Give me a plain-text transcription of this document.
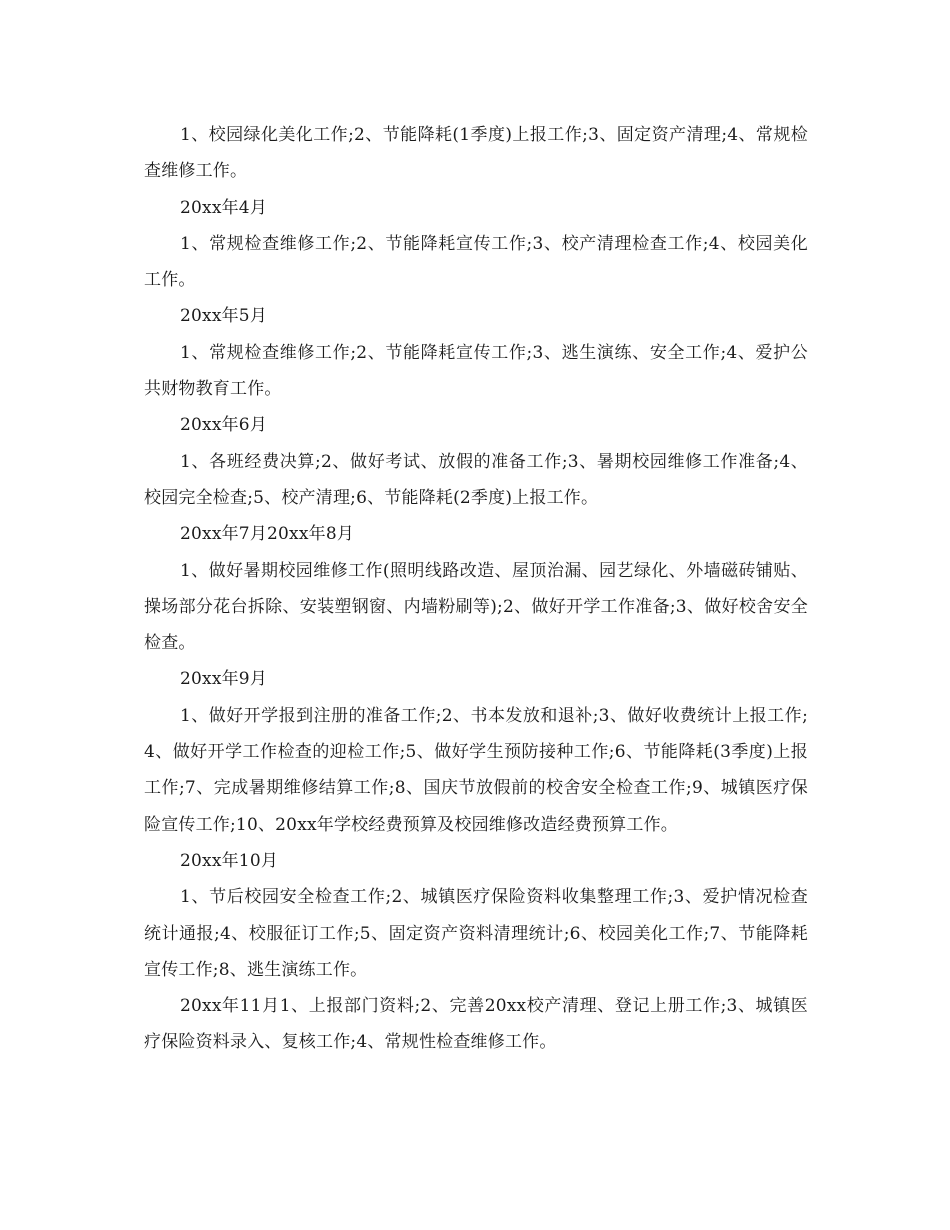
1、校园绿化美化工作;2、节能降耗(1季度)上报工作;3、固定资产清理;4、常规检查维修工作。

20xx年4月

1、常规检查维修工作;2、节能降耗宣传工作;3、校产清理检查工作;4、校园美化工作。

20xx年5月

1、常规检查维修工作;2、节能降耗宣传工作;3、逃生演练、安全工作;4、爱护公共财物教育工作。

20xx年6月

1、各班经费决算;2、做好考试、放假的准备工作;3、暑期校园维修工作准备;4、校园完全检查;5、校产清理;6、节能降耗(2季度)上报工作。

20xx年7月20xx年8月

1、做好暑期校园维修工作(照明线路改造、屋顶治漏、园艺绿化、外墙磁砖铺贴、操场部分花台拆除、安装塑钢窗、内墙粉刷等);2、做好开学工作准备;3、做好校舍安全检查。

20xx年9月

1、做好开学报到注册的准备工作;2、书本发放和退补;3、做好收费统计上报工作;4、做好开学工作检查的迎检工作;5、做好学生预防接种工作;6、节能降耗(3季度)上报工作;7、完成暑期维修结算工作;8、国庆节放假前的校舍安全检查工作;9、城镇医疗保险宣传工作;10、20xx年学校经费预算及校园维修改造经费预算工作。

20xx年10月

1、节后校园安全检查工作;2、城镇医疗保险资料收集整理工作;3、爱护情况检查统计通报;4、校服征订工作;5、固定资产资料清理统计;6、校园美化工作;7、节能降耗宣传工作;8、逃生演练工作。

20xx年11月1、上报部门资料;2、完善20xx校产清理、登记上册工作;3、城镇医疗保险资料录入、复核工作;4、常规性检查维修工作。
